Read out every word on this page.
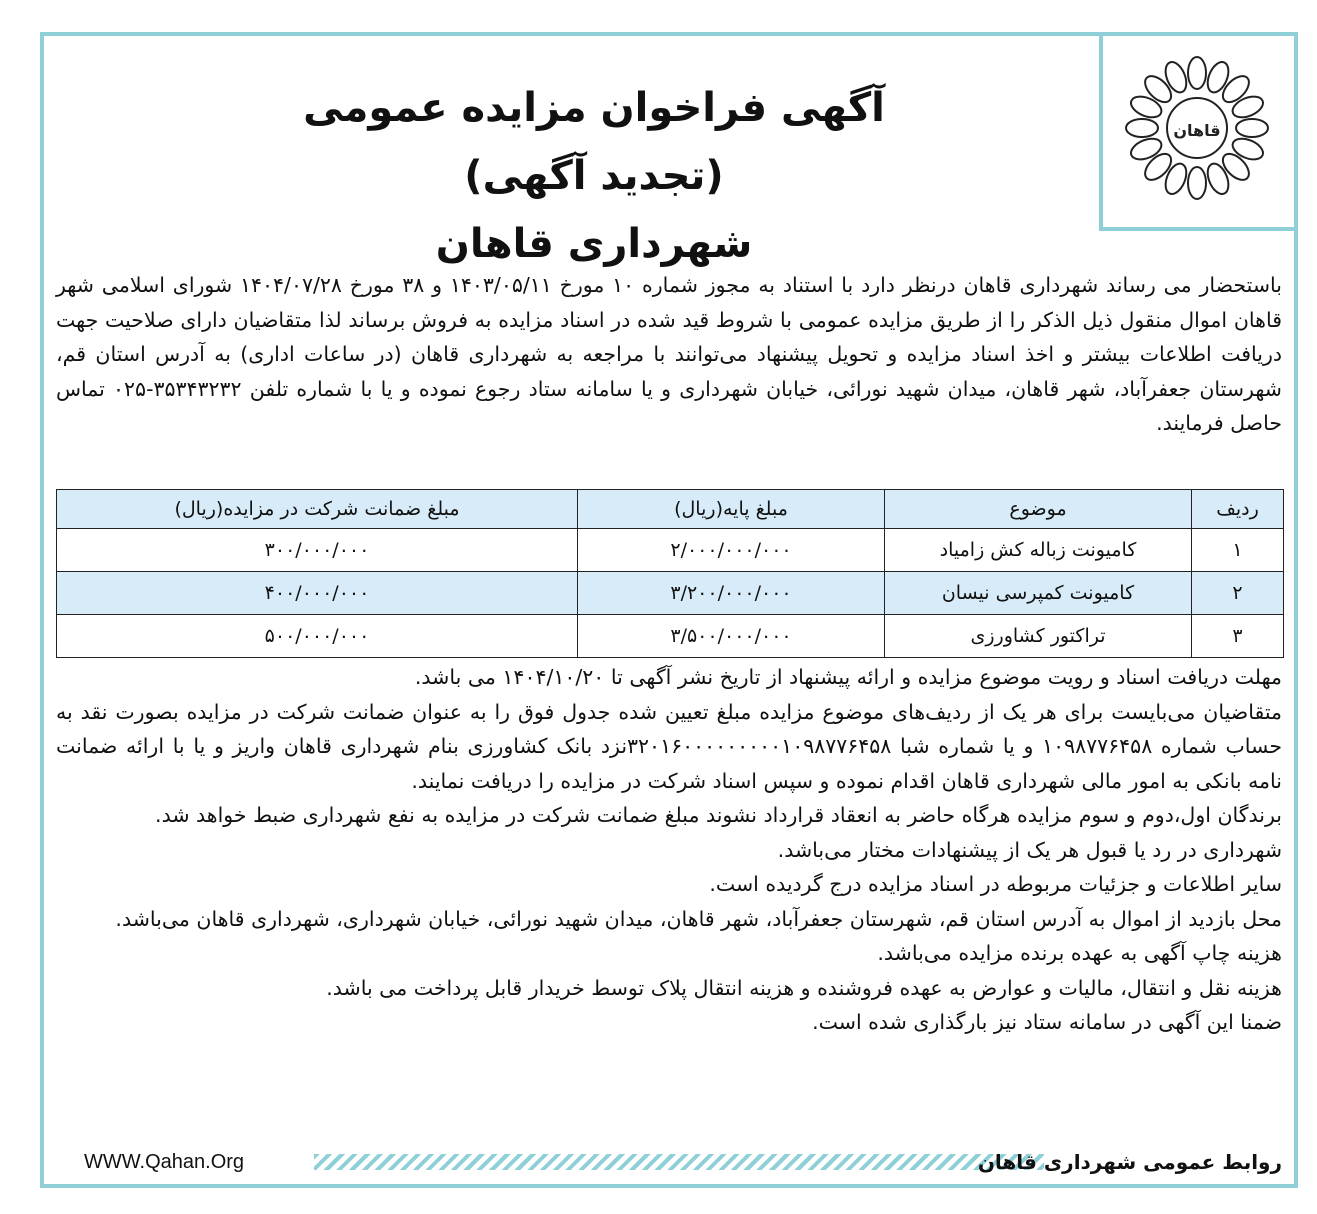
قاهان
آگهی فراخوان مزایده عمومی
(تجدید آگهی)
شهرداری قاهان

باستحضار می رساند شهرداری قاهان درنظر دارد با استناد به مجوز شماره ۱۰ مورخ ۱۴۰۳/۰۵/۱۱ و ۳۸ مورخ ۱۴۰۴/۰۷/۲۸ شورای اسلامی شهر قاهان اموال منقول ذیل الذکر را از طریق مزایده عمومی با شروط قید شده در اسناد مزایده به فروش برساند لذا متقاضیان دارای صلاحیت جهت دریافت اطلاعات بیشتر و اخذ اسناد مزایده و تحویل پیشنهاد می‌توانند با مراجعه به شهرداری قاهان (در ساعات اداری) به آدرس استان قم، شهرستان جعفرآباد، شهر قاهان، میدان شهید نورائی، خیابان شهرداری و یا سامانه ستاد رجوع نموده و یا با شماره تلفن ۳۵۳۴۳۲۳۲-۰۲۵ تماس حاصل فرمایند.

ردیف	موضوع	مبلغ پایه(ریال)	مبلغ ضمانت شرکت در مزایده(ریال)
۱	کامیونت زباله کش زامیاد	۲/۰۰۰/۰۰۰/۰۰۰	۳۰۰/۰۰۰/۰۰۰
۲	کامیونت کمپرسی نیسان	۳/۲۰۰/۰۰۰/۰۰۰	۴۰۰/۰۰۰/۰۰۰
۳	تراکتور کشاورزی	۳/۵۰۰/۰۰۰/۰۰۰	۵۰۰/۰۰۰/۰۰۰

مهلت دریافت اسناد و رویت موضوع مزایده و ارائه پیشنهاد از تاریخ نشر آگهی تا ۱۴۰۴/۱۰/۲۰ می باشد.

متقاضیان می‌بایست برای هر یک از ردیف‌های موضوع مزایده مبلغ تعیین شده جدول فوق را به عنوان ضمانت شرکت در مزایده بصورت نقد به حساب شماره ۱۰۹۸۷۷۶۴۵۸ و یا شماره شبا ۳۲۰۱۶۰۰۰۰۰۰۰۰۰۱۰۹۸۷۷۶۴۵۸نزد بانک کشاورزی بنام شهرداری قاهان واریز و یا با ارائه ضمانت نامه بانکی به امور مالی شهرداری قاهان اقدام نموده و سپس اسناد شرکت در مزایده را دریافت نمایند.

برندگان اول،دوم و سوم مزایده هرگاه حاضر به انعقاد قرارداد نشوند مبلغ ضمانت شرکت در مزایده به نفع شهرداری ضبط خواهد شد.

شهرداری در رد یا قبول هر یک از پیشنهادات مختار می‌باشد.

سایر اطلاعات و جزئیات مربوطه در اسناد مزایده درج گردیده است.

محل بازدید از اموال به آدرس استان قم، شهرستان جعفرآباد، شهر قاهان، میدان شهید نورائی، خیابان شهرداری، شهرداری قاهان می‌باشد.

هزینه چاپ آگهی به عهده برنده مزایده می‌باشد.

هزینه نقل و انتقال، مالیات و عوارض به عهده فروشنده و هزینه انتقال پلاک توسط خریدار قابل پرداخت می باشد.

ضمنا این آگهی در سامانه ستاد نیز بارگذاری شده است.

روابط عمومی شهرداری قاهان
WWW.Qahan.Org
